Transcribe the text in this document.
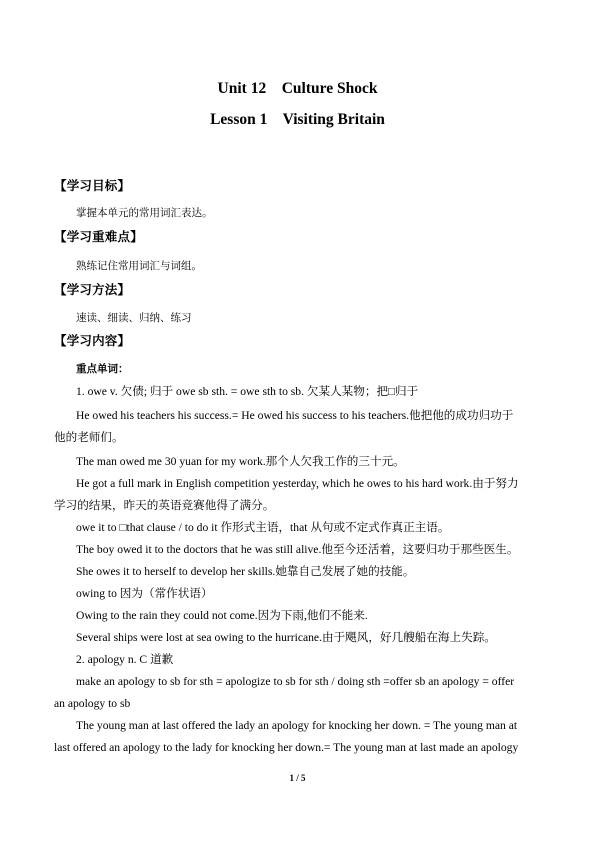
Unit 12    Culture Shock
Lesson 1    Visiting Britain
【学习目标】
掌握本单元的常用词汇表达。
【学习重难点】
熟练记住常用词汇与词组。
【学习方法】
速读、细读、归纳、练习
【学习内容】
重点单词：
1. owe v. 欠债; 归于 owe sb sth. = owe sth to sb. 欠某人某物；把□归于
He owed his teachers his success.= He owed his success to his teachers.他把他的成功归功于
他的老师们。
The man owed me 30 yuan for my work.那个人欠我工作的三十元。
He got a full mark in English competition yesterday, which he owes to his hard work.由于努力
学习的结果，昨天的英语竞赛他得了满分。
owe it to □that clause / to do it 作形式主语，that 从句或不定式作真正主语。
The boy owed it to the doctors that he was still alive.他至今还活着，这要归功于那些医生。
She owes it to herself to develop her skills.她靠自己发展了她的技能。
owing to 因为（常作状语）
Owing to the rain they could not come.因为下雨,他们不能来.
Several ships were lost at sea owing to the hurricane.由于飓风，好几艘船在海上失踪。
2. apology n. C 道歉
make an apology to sb for sth = apologize to sb for sth / doing sth =offer sb an apology = offer
an apology to sb
The young man at last offered the lady an apology for knocking her down. = The young man at
last offered an apology to the lady for knocking her down.= The young man at last made an apology
1 / 5
